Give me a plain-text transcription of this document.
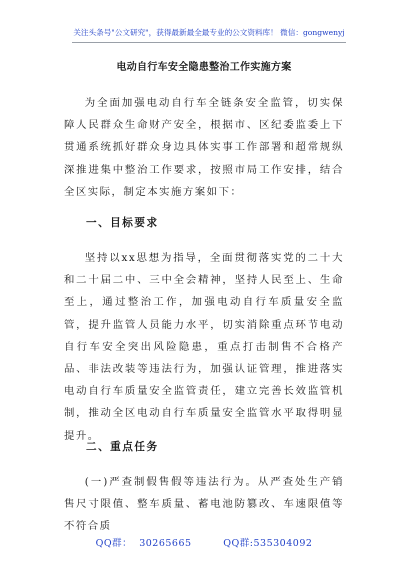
关注头条号"公文研究"，获得最新最全最专业的公文资料库！ 微信：gongwenyj
电动自行车安全隐患整治工作实施方案

为全面加强电动自行车全链条安全监管，切实保障人民群众生命财产安全，根据市、区纪委监委上下贯通系统抓好群众身边具体实事工作部署和超常规纵深推进集中整治工作要求，按照市局工作安排，结合全区实际，制定本实施方案如下：

一、目标要求

坚持以xx思想为指导，全面贯彻落实党的二十大和二十届二中、三中全会精神，坚持人民至上、生命至上，通过整治工作，加强电动自行车质量安全监管，提升监管人员能力水平，切实消除重点环节电动自行车安全突出风险隐患，重点打击制售不合格产品、非法改装等违法行为，加强认证管理，推进落实电动自行车质量安全监管责任，建立完善长效监管机制，推动全区电动自行车质量安全监管水平取得明显提升。

二、重点任务

(一)严查制假售假等违法行为。从严查处生产销售尺寸限值、整车质量、蓄电池防篡改、车速限值等不符合质

QQ群：  30265665         QQ群:535304092
